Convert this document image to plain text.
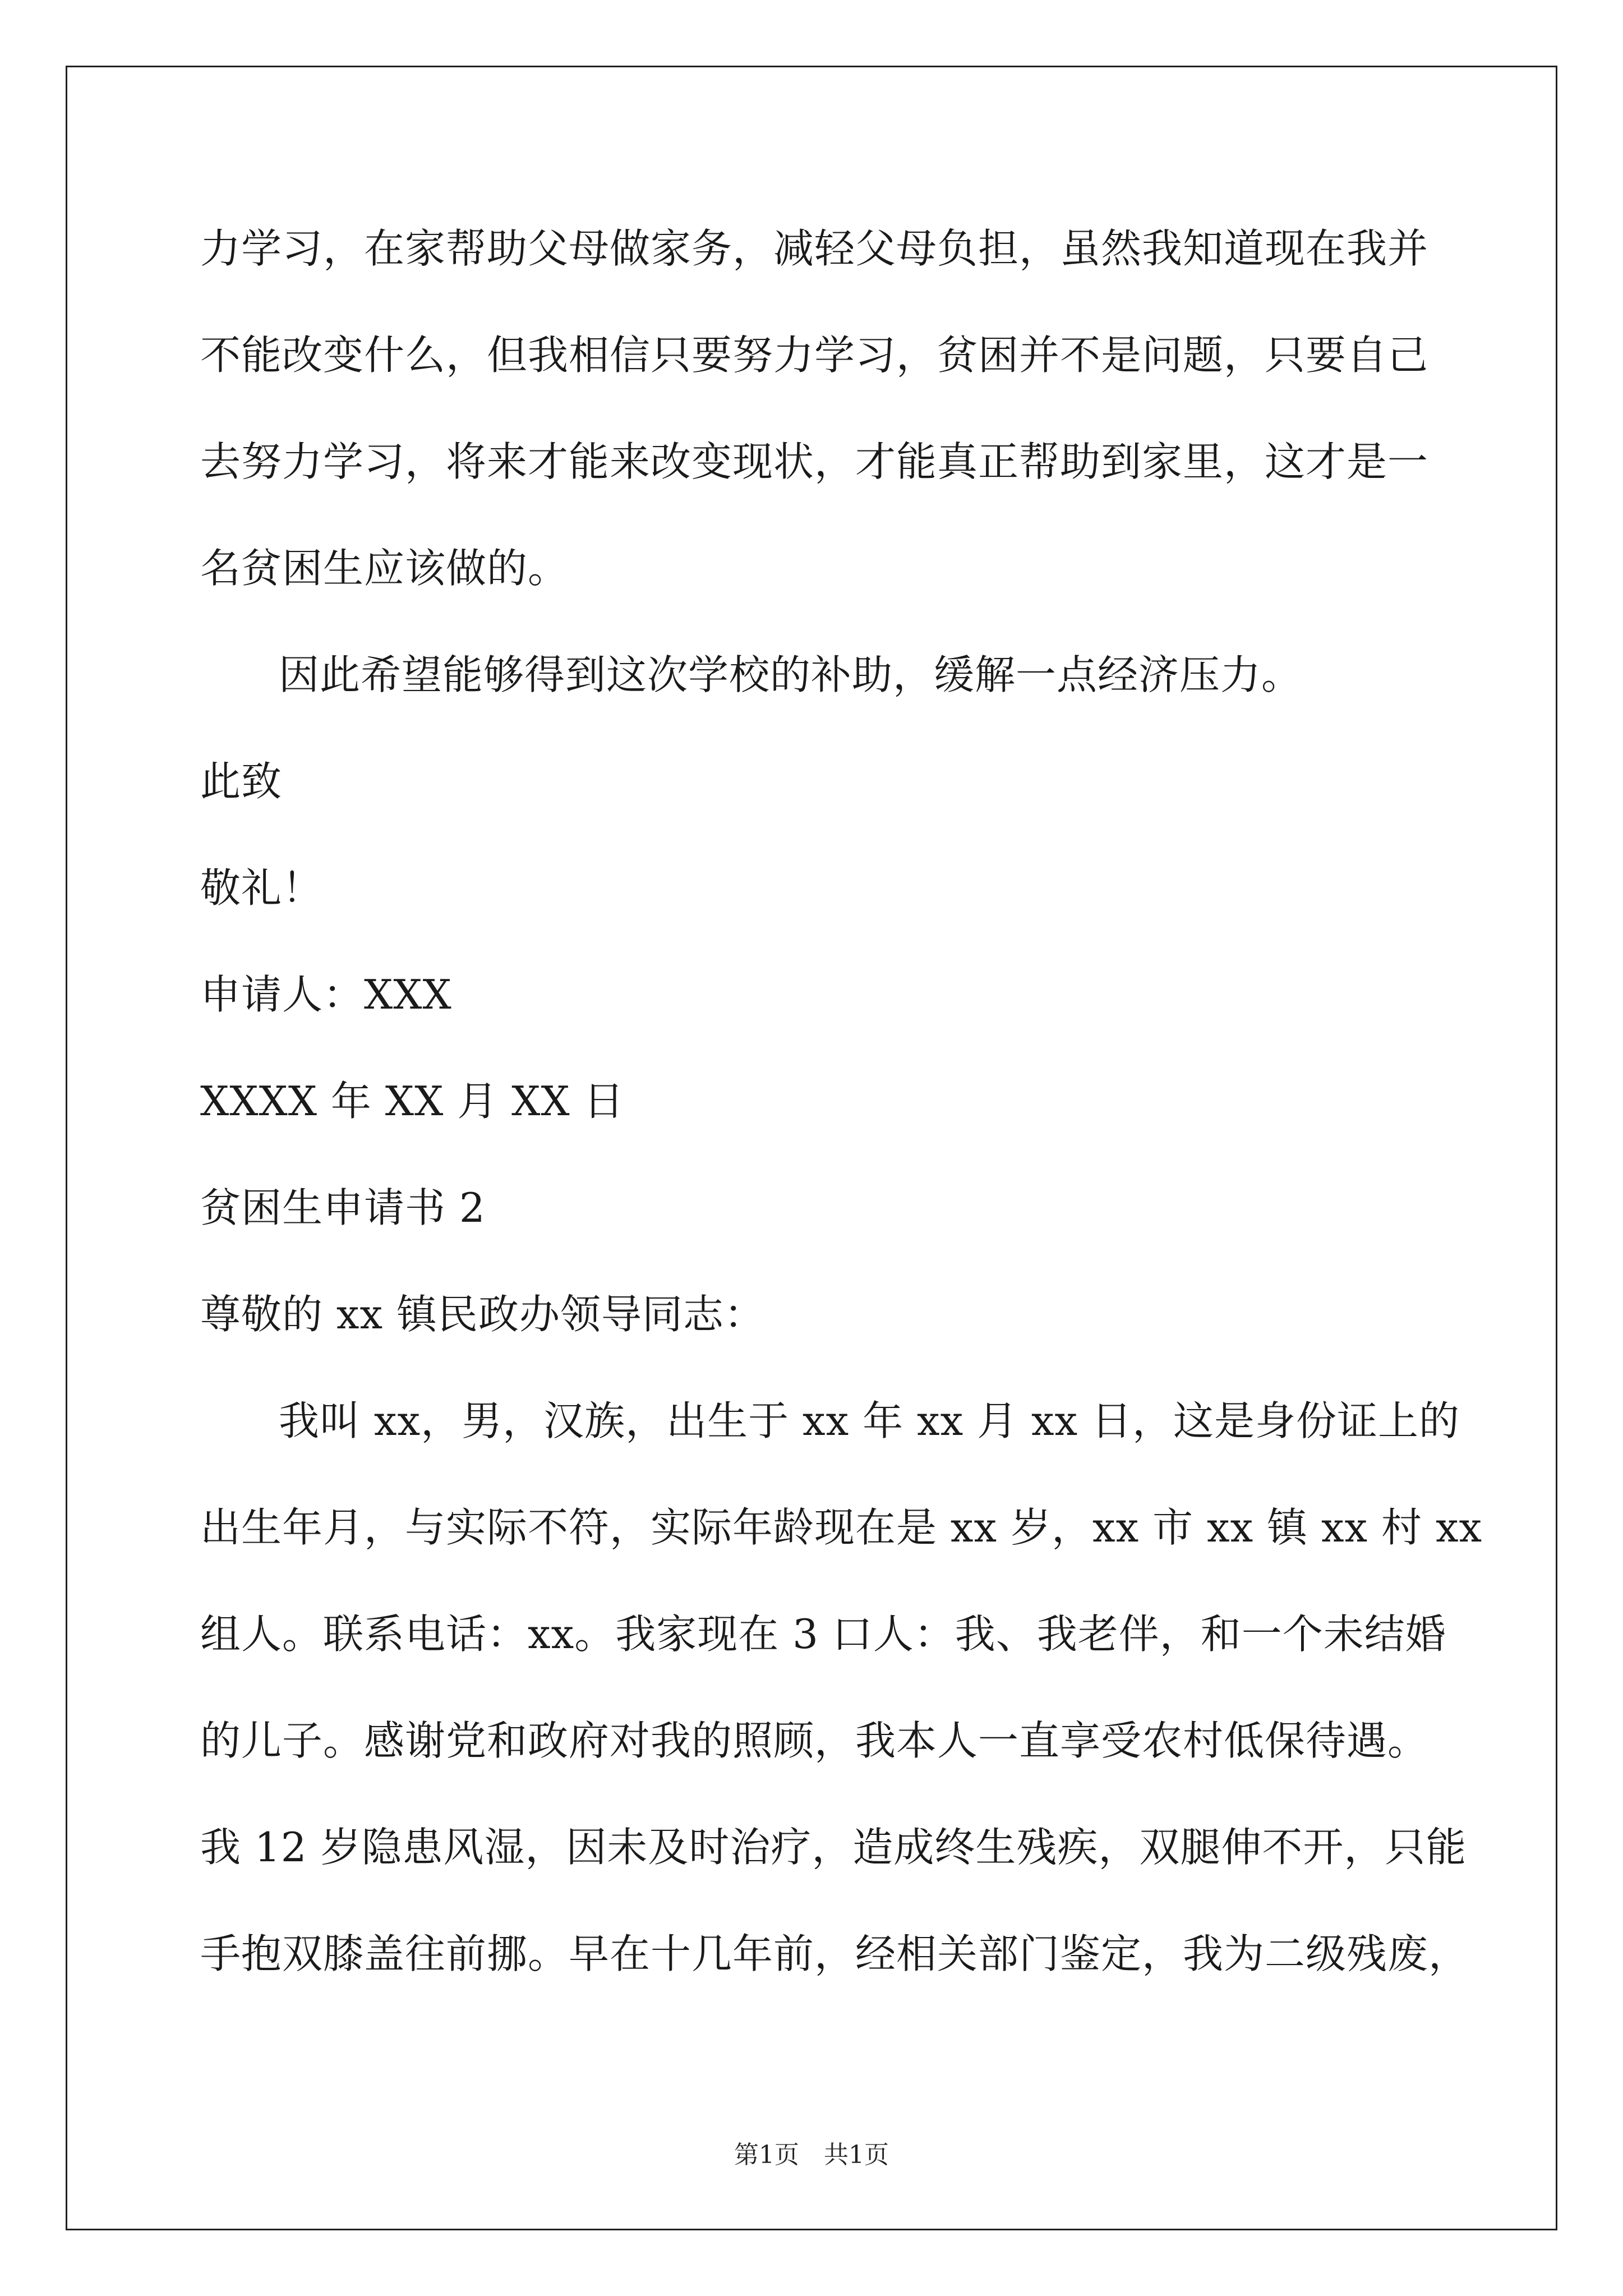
力学习，在家帮助父母做家务，减轻父母负担，虽然我知道现在我并
不能改变什么，但我相信只要努力学习，贫困并不是问题，只要自己
去努力学习，将来才能来改变现状，才能真正帮助到家里，这才是一
名贫困生应该做的。
因此希望能够得到这次学校的补助，缓解一点经济压力。
此致
敬礼！
申请人：XXX
XXXX 年 XX 月 XX 日
贫困生申请书 2
尊敬的 xx 镇民政办领导同志：
我叫 xx，男，汉族，出生于 xx 年 xx 月 xx 日，这是身份证上的
出生年月，与实际不符，实际年龄现在是 xx 岁，xx 市 xx 镇 xx 村 xx
组人。联系电话：xx。我家现在 3 口人：我、我老伴，和一个未结婚
的儿子。感谢党和政府对我的照顾，我本人一直享受农村低保待遇。
我 12 岁隐患风湿，因未及时治疗，造成终生残疾，双腿伸不开，只能
手抱双膝盖往前挪。早在十几年前，经相关部门鉴定，我为二级残废，
第1页　共1页
